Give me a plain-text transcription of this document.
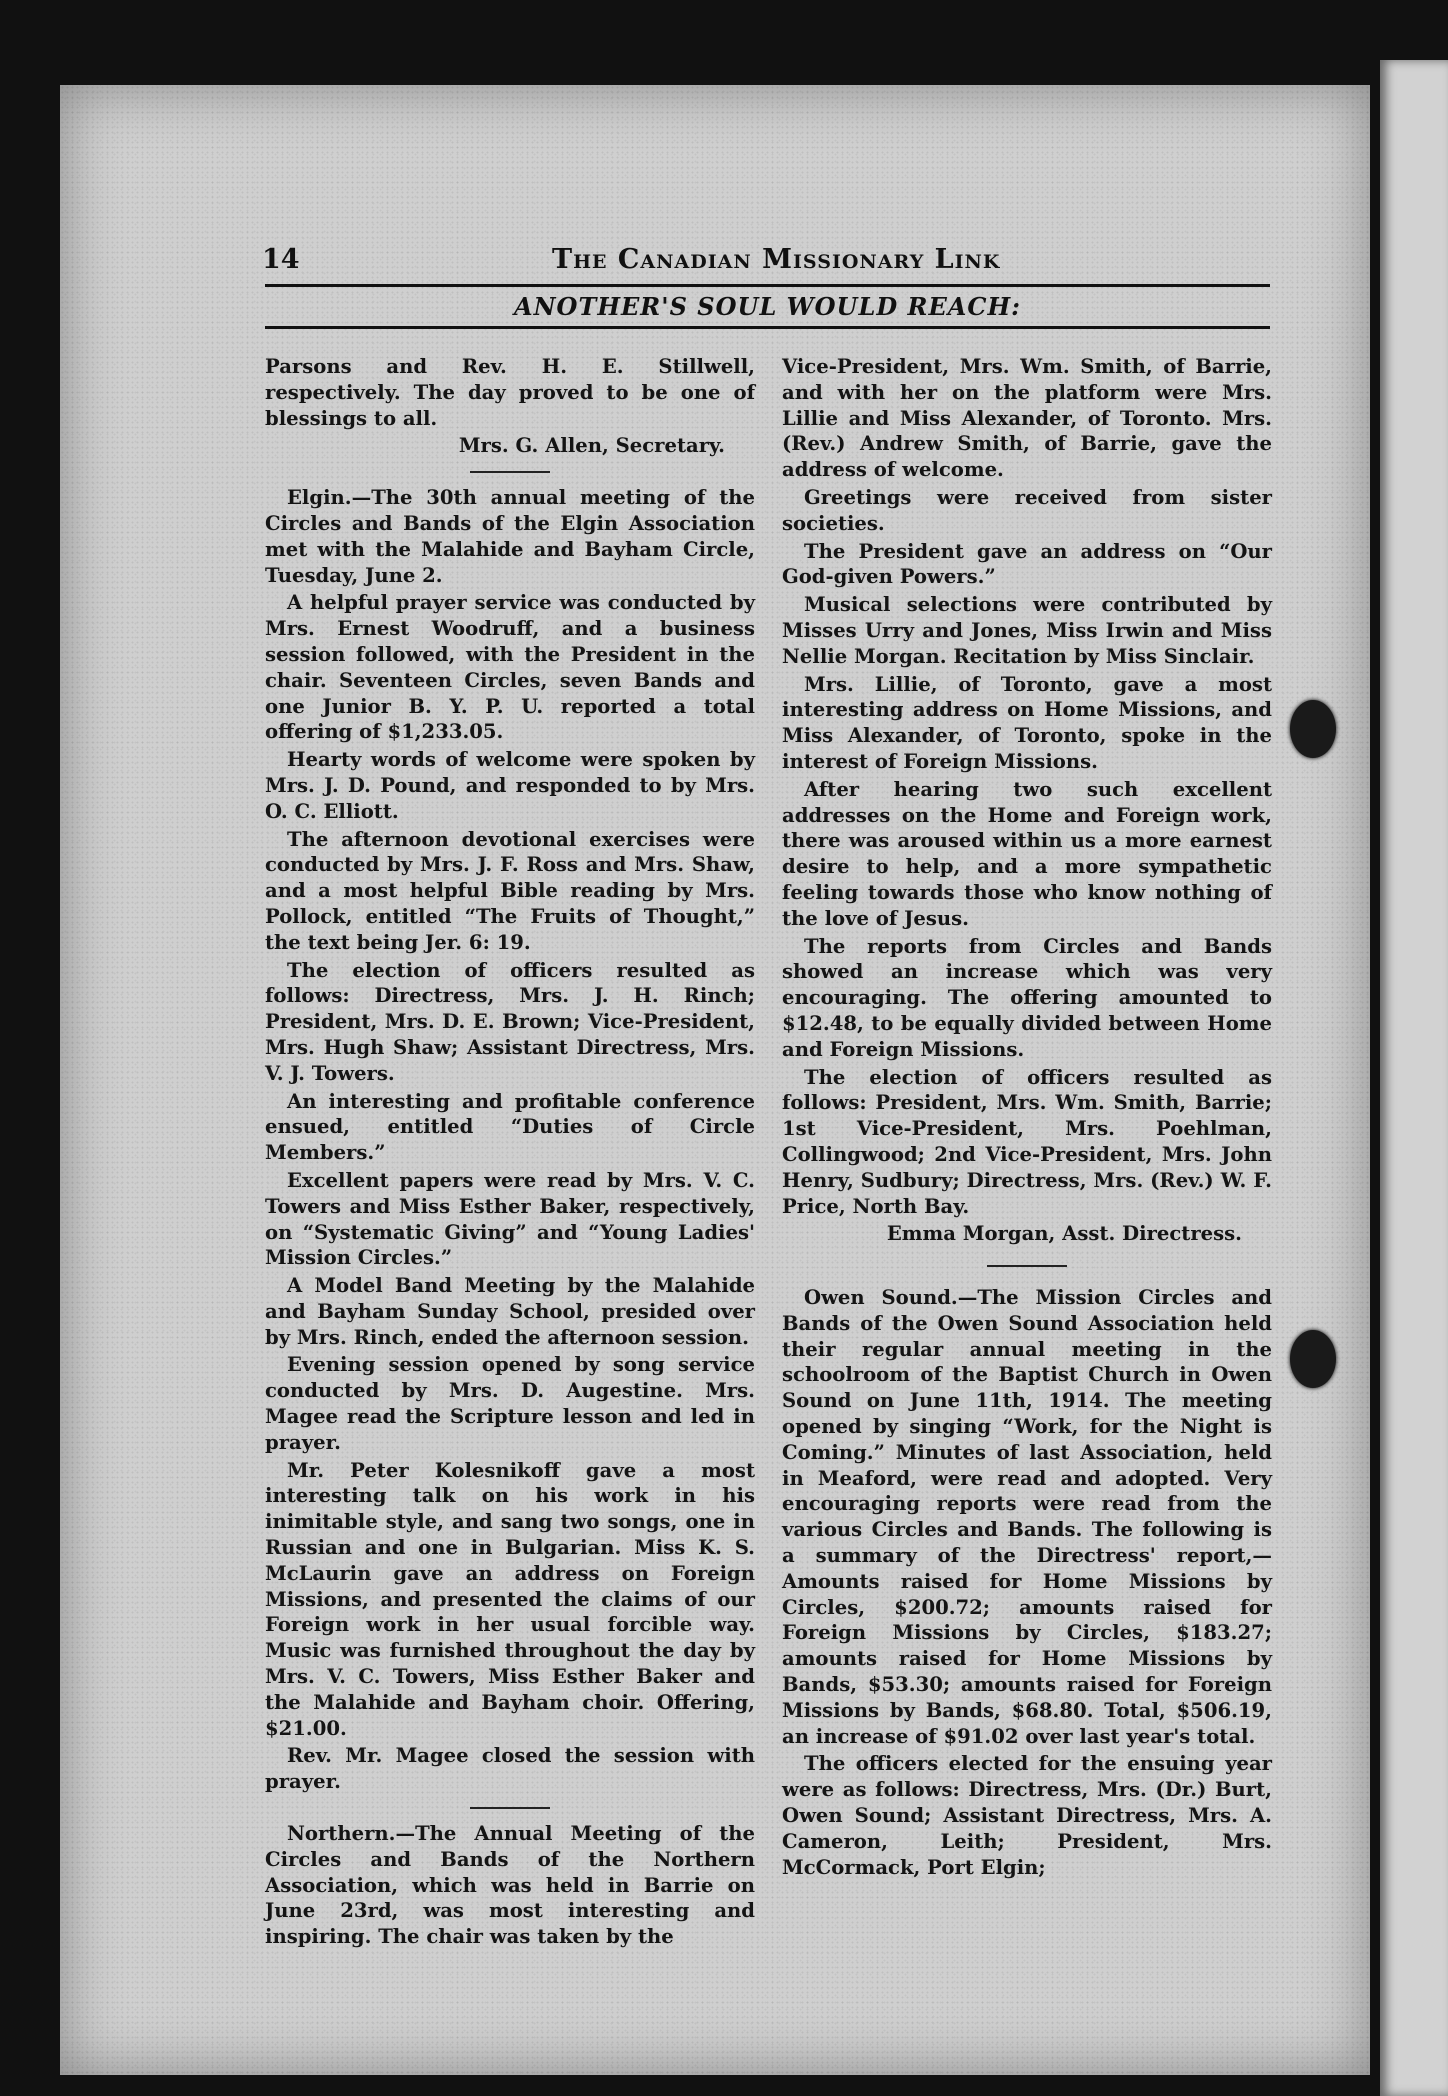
14	The Canadian Missionary Link
ANOTHER'S SOUL WOULD REACH:

Parsons and Rev. H. E. Stillwell, respectively. The day proved to be one of blessings to all.

Mrs. G. Allen, Secretary.

Elgin.—The 30th annual meeting of the Circles and Bands of the Elgin Association met with the Malahide and Bayham Circle, Tuesday, June 2.

A helpful prayer service was conducted by Mrs. Ernest Woodruff, and a business session followed, with the President in the chair. Seventeen Circles, seven Bands and one Junior B. Y. P. U. reported a total offering of $1,233.05.

Hearty words of welcome were spoken by Mrs. J. D. Pound, and responded to by Mrs. O. C. Elliott.

The afternoon devotional exercises were conducted by Mrs. J. F. Ross and Mrs. Shaw, and a most helpful Bible reading by Mrs. Pollock, entitled “The Fruits of Thought,” the text being Jer. 6: 19.

The election of officers resulted as follows: Directress, Mrs. J. H. Rinch; President, Mrs. D. E. Brown; Vice-President, Mrs. Hugh Shaw; Assistant Directress, Mrs. V. J. Towers.

An interesting and profitable conference ensued, entitled “Duties of Circle Members.”

Excellent papers were read by Mrs. V. C. Towers and Miss Esther Baker, respectively, on “Systematic Giving” and “Young Ladies' Mission Circles.”

A Model Band Meeting by the Malahide and Bayham Sunday School, presided over by Mrs. Rinch, ended the afternoon session.

Evening session opened by song service conducted by Mrs. D. Augestine. Mrs. Magee read the Scripture lesson and led in prayer.

Mr. Peter Kolesnikoff gave a most interesting talk on his work in his inimitable style, and sang two songs, one in Russian and one in Bulgarian. Miss K. S. McLaurin gave an address on Foreign Missions, and presented the claims of our Foreign work in her usual forcible way. Music was furnished throughout the day by Mrs. V. C. Towers, Miss Esther Baker and the Malahide and Bayham choir. Offering, $21.00.

Rev. Mr. Magee closed the session with prayer.

Northern.—The Annual Meeting of the Circles and Bands of the Northern Association, which was held in Barrie on June 23rd, was most interesting and inspiring. The chair was taken by the

Vice-President, Mrs. Wm. Smith, of Barrie, and with her on the platform were Mrs. Lillie and Miss Alexander, of Toronto. Mrs. (Rev.) Andrew Smith, of Barrie, gave the address of welcome.

Greetings were received from sister societies.

The President gave an address on “Our God-given Powers.”

Musical selections were contributed by Misses Urry and Jones, Miss Irwin and Miss Nellie Morgan. Recitation by Miss Sinclair.

Mrs. Lillie, of Toronto, gave a most interesting address on Home Missions, and Miss Alexander, of Toronto, spoke in the interest of Foreign Missions.

After hearing two such excellent addresses on the Home and Foreign work, there was aroused within us a more earnest desire to help, and a more sympathetic feeling towards those who know nothing of the love of Jesus.

The reports from Circles and Bands showed an increase which was very encouraging. The offering amounted to $12.48, to be equally divided between Home and Foreign Missions.

The election of officers resulted as follows: President, Mrs. Wm. Smith, Barrie; 1st Vice-President, Mrs. Poehlman, Collingwood; 2nd Vice-President, Mrs. John Henry, Sudbury; Directress, Mrs. (Rev.) W. F. Price, North Bay.

Emma Morgan, Asst. Directress.

Owen Sound.—The Mission Circles and Bands of the Owen Sound Association held their regular annual meeting in the schoolroom of the Baptist Church in Owen Sound on June 11th, 1914. The meeting opened by singing “Work, for the Night is Coming.” Minutes of last Association, held in Meaford, were read and adopted. Very encouraging reports were read from the various Circles and Bands. The following is a summary of the Directress' report,—Amounts raised for Home Missions by Circles, $200.72; amounts raised for Foreign Missions by Circles, $183.27; amounts raised for Home Missions by Bands, $53.30; amounts raised for Foreign Missions by Bands, $68.80. Total, $506.19, an increase of $91.02 over last year's total.

The officers elected for the ensuing year were as follows: Directress, Mrs. (Dr.) Burt, Owen Sound; Assistant Directress, Mrs. A. Cameron, Leith; President, Mrs. McCormack, Port Elgin;
